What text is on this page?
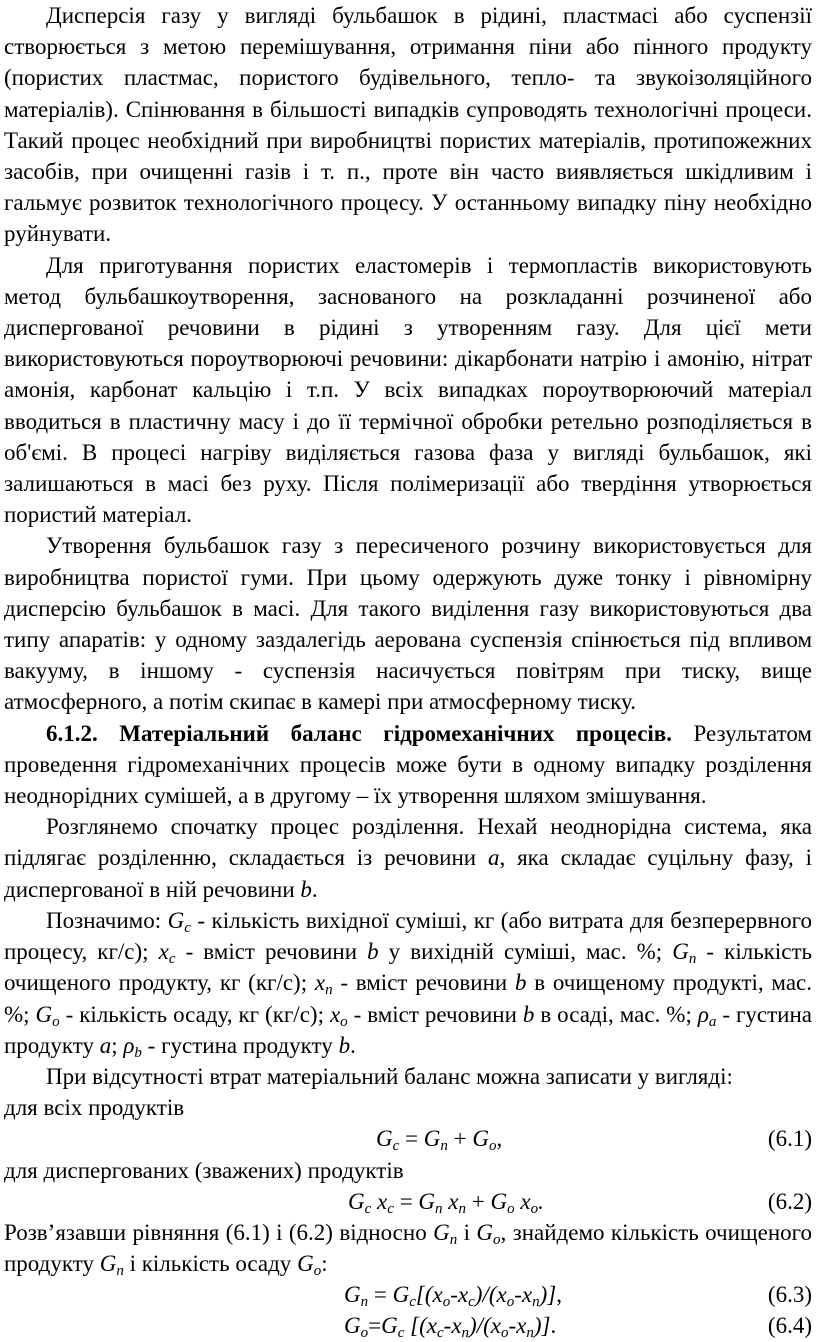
Дисперсія газу у вигляді бульбашок в рідині, пластмасі або суспензії створюється з метою перемішування, отримання піни або пінного продукту (пористих пластмас, пористого будівельного, тепло- та звукоізоляційного матеріалів). Спінювання в більшості випадків супроводять технологічні процеси. Такий процес необхідний при виробництві пористих матеріалів, протипожежних засобів, при очищенні газів і т. п., проте він часто виявляється шкідливим і гальмує розвиток технологічного процесу. У останньому випадку піну необхідно руйнувати.

Для приготування пористих еластомерів і термопластів використовують метод бульбашкоутворення, заснованого на розкладанні розчиненої або диспергованої речовини в рідині з утворенням газу. Для цієї мети використовуються пороутворюючі речовини: дікарбонати натрію і амонію, нітрат амонія, карбонат кальцію і т.п. У всіх випадках пороутворюючий матеріал вводиться в пластичну масу і до її термічної обробки ретельно розподіляється в об'ємі. В процесі нагріву виділяється газова фаза у вигляді бульбашок, які залишаються в масі без руху. Після полімеризації або твердіння утворюється пористий матеріал.

Утворення бульбашок газу з пересиченого розчину використовується для виробництва пористої гуми. При цьому одержують дуже тонку і рівномірну дисперсію бульбашок в масі. Для такого виділення газу використовуються два типу апаратів: у одному заздалегідь аерована суспензія спінюється під впливом вакууму, в іншому - суспензія насичується повітрям при тиску, вище атмосферного, а потім скипає в камері при атмосферному тиску.

6.1.2. Матеріальний баланс гідромеханічних процесів. Результатом проведення гідромеханічних процесів може бути в одному випадку розділення неоднорідних сумішей, а в другому – їх утворення шляхом змішування.

Розглянемо спочатку процес розділення. Нехай неоднорідна система, яка підлягає розділенню, складається із речовини a, яка складає суцільну фазу, і диспергованої в ній речовини b.

Позначимо: $G_c$ - кількість вихідної суміші, кг (або витрата для безперервного процесу, кг/с); $x_c$ - вміст речовини b у вихідній суміші, мас. %; $G_n$ - кількість очищеного продукту, кг (кг/с); $x_n$ - вміст речовини b в очищеному продукті, мас. %; $G_o$ - кількість осаду, кг (кг/с); $x_o$ - вміст речовини b в осаді, мас. %; $\rho_a$ - густина продукту a; $\rho_b$ - густина продукту b.

При відсутності втрат матеріальний баланс можна записати у вигляді:

для всіх продуктів

$G_c = G_n + G_o$,	(6.1)

для диспергованих (зважених) продуктів

$G_c$ $x_c = G_n$ $x_n + G_o$ $x_o$.	(6.2)

Розв’язавши рівняння (6.1) і (6.2) відносно $G_n$ і $G_o$, знайдемо кількість очищеного продукту $G_n$ і кількість осаду $G_o$:

$G_n = G_c[(x_o-x_c)/(x_o-x_n)]$,	(6.3)
$G_o=G_c$ $[(x_c-x_n)/(x_o-x_n)]$.	(6.4)
